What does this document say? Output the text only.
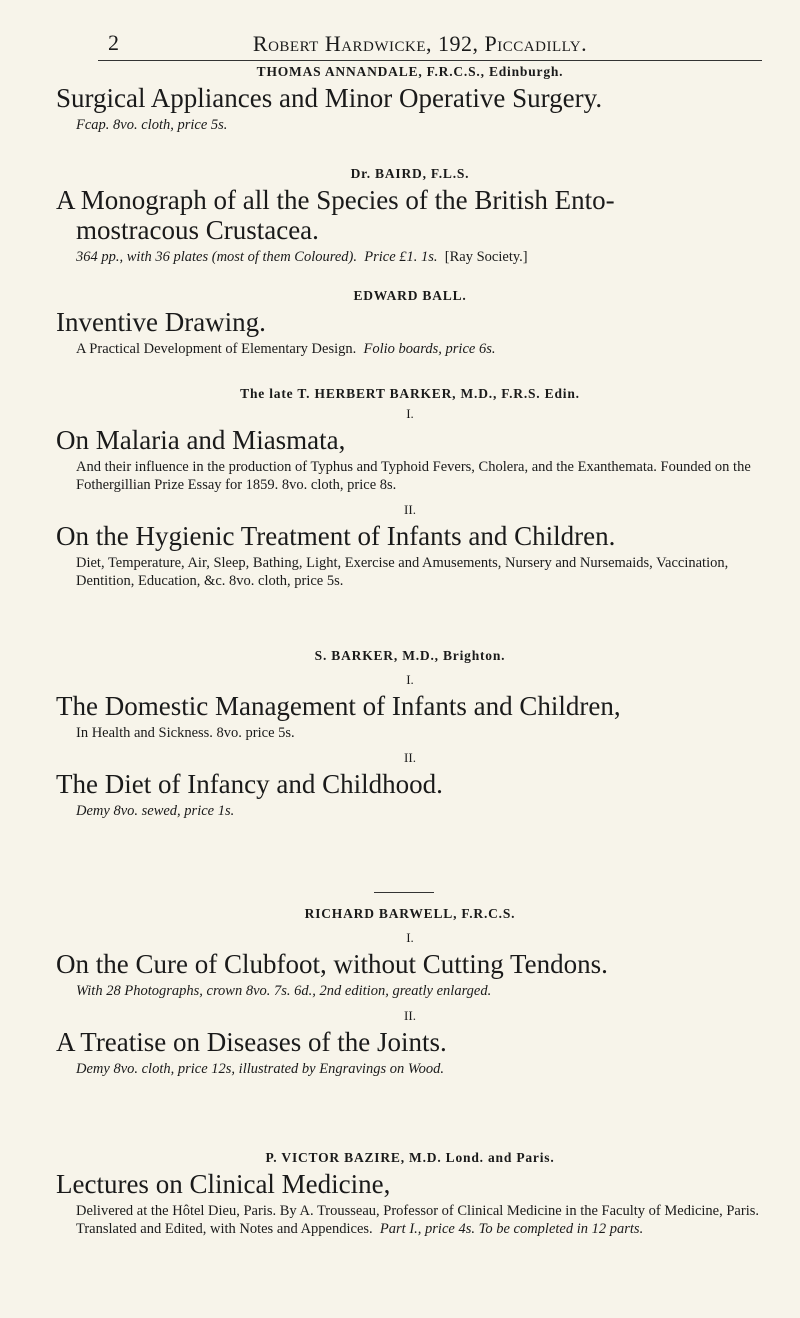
2	Robert Hardwicke, 192, Piccadilly.
THOMAS ANNANDALE, F.R.C.S., Edinburgh.
Surgical Appliances and Minor Operative Surgery.
Fcap. 8vo. cloth, price 5s.
Dr. BAIRD, F.L.S.
A Monograph of all the Species of the British Ento-
mostracous Crustacea.
364 pp., with 36 plates (most of them Coloured). Price £1. 1s. [Ray Society.]
EDWARD BALL.
Inventive Drawing.
A Practical Development of Elementary Design. Folio boards, price 6s.
The late T. HERBERT BARKER, M.D., F.R.S. Edin.
I.
On Malaria and Miasmata,
And their influence in the production of Typhus and Typhoid Fevers, Cholera, and the Exanthemata. Founded on the Fothergillian Prize Essay for 1859. 8vo. cloth, price 8s.
II.
On the Hygienic Treatment of Infants and Children.
Diet, Temperature, Air, Sleep, Bathing, Light, Exercise and Amusements, Nursery and Nursemaids, Vaccination, Dentition, Education, &c. 8vo. cloth, price 5s.
S. BARKER, M.D., Brighton.
I.
The Domestic Management of Infants and Children,
In Health and Sickness. 8vo. price 5s.
II.
The Diet of Infancy and Childhood.
Demy 8vo. sewed, price 1s.
RICHARD BARWELL, F.R.C.S.
I.
On the Cure of Clubfoot, without Cutting Tendons.
With 28 Photographs, crown 8vo. 7s. 6d., 2nd edition, greatly enlarged.
II.
A Treatise on Diseases of the Joints.
Demy 8vo. cloth, price 12s, illustrated by Engravings on Wood.
P. VICTOR BAZIRE, M.D. Lond. and Paris.
Lectures on Clinical Medicine,
Delivered at the Hôtel Dieu, Paris. By A. Trousseau, Professor of Clinical Medicine in the Faculty of Medicine, Paris. Translated and Edited, with Notes and Appendices. Part I., price 4s. To be completed in 12 parts.
